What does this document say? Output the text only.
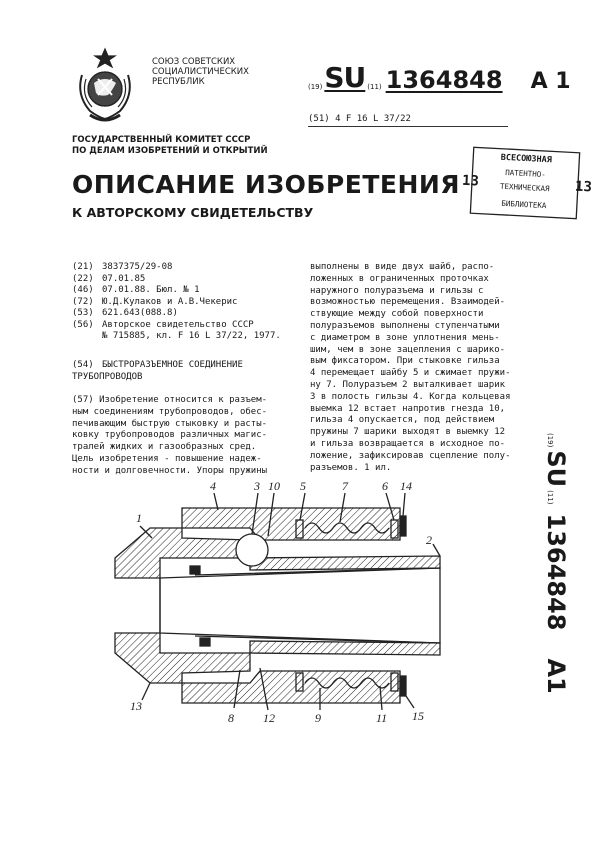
СОЮЗ СОВЕТСКИХ
СОЦИАЛИСТИЧЕСКИХ
РЕСПУБЛИК	(19) SU (11) 1364848 A 1
(51) 4 F 16 L 37/22
ГОСУДАРСТВЕННЫЙ КОМИТЕТ СССР
ПО ДЕЛАМ ИЗОБРЕТЕНИЙ И ОТКРЫТИЙ
ОПИСАНИЕ ИЗОБРЕТЕНИЯ
К АВТОРСКОМУ СВИДЕТЕЛЬСТВУ
ВСЕСОЮЗНАЯ
ПАТЕНТНО-
ТЕХНИЧЕСКАЯ
БИБЛИОТЕКА
13	13
(21) 3837375/29-08
(22) 07.01.85
(46) 07.01.88. Бюл. № 1
(72) Ю.Д.Кулаков и А.В.Чекерис
(53) 621.643(088.8)
(56) Авторское свидетельство СССР
№ 715885, кл. F 16 L 37/22, 1977.
(54) БЫСТРОРАЗЪЕМНОЕ СОЕДИНЕНИЕ
ТРУБОПРОВОДОВ
(57) Изобретение относится к разъем-
ным соединениям трубопроводов, обес-
печивающим быструю стыковку и расты-
ковку трубопроводов различных магис-
тралей жидких и газообразных сред.
Цель изобретения - повышение надеж-
ности и долговечности. Упоры пружины
выполнены в виде двух шайб, распо-
ложенных в ограниченных проточках
наружного полуразъема и гильзы с
возможностью перемещения. Взаимодей-
ствующие между собой поверхности
полуразъемов выполнены ступенчатыми
с диаметром в зоне уплотнения мень-
шим, чем в зоне зацепления с шарико-
вым фиксатором. При стыковке гильза
4 перемещает шайбу 5 и сжимает пружи-
ну 7. Полуразъем 2 выталкивает шарик
3 в полость гильзы 4. Когда кольцевая
выемка 12 встает напротив гнезда 10,
гильза 4 опускается, под действием
пружины 7 шарики выходят в выемку 12
и гильза возвращается в исходное по-
ложение, зафиксировав сцепление полу-
разъемов. 1 ил.
(19)
SU
(11)
1364848
A1
4	3 10 5	7	6 14
1
2
13
8 12	9	11 15
